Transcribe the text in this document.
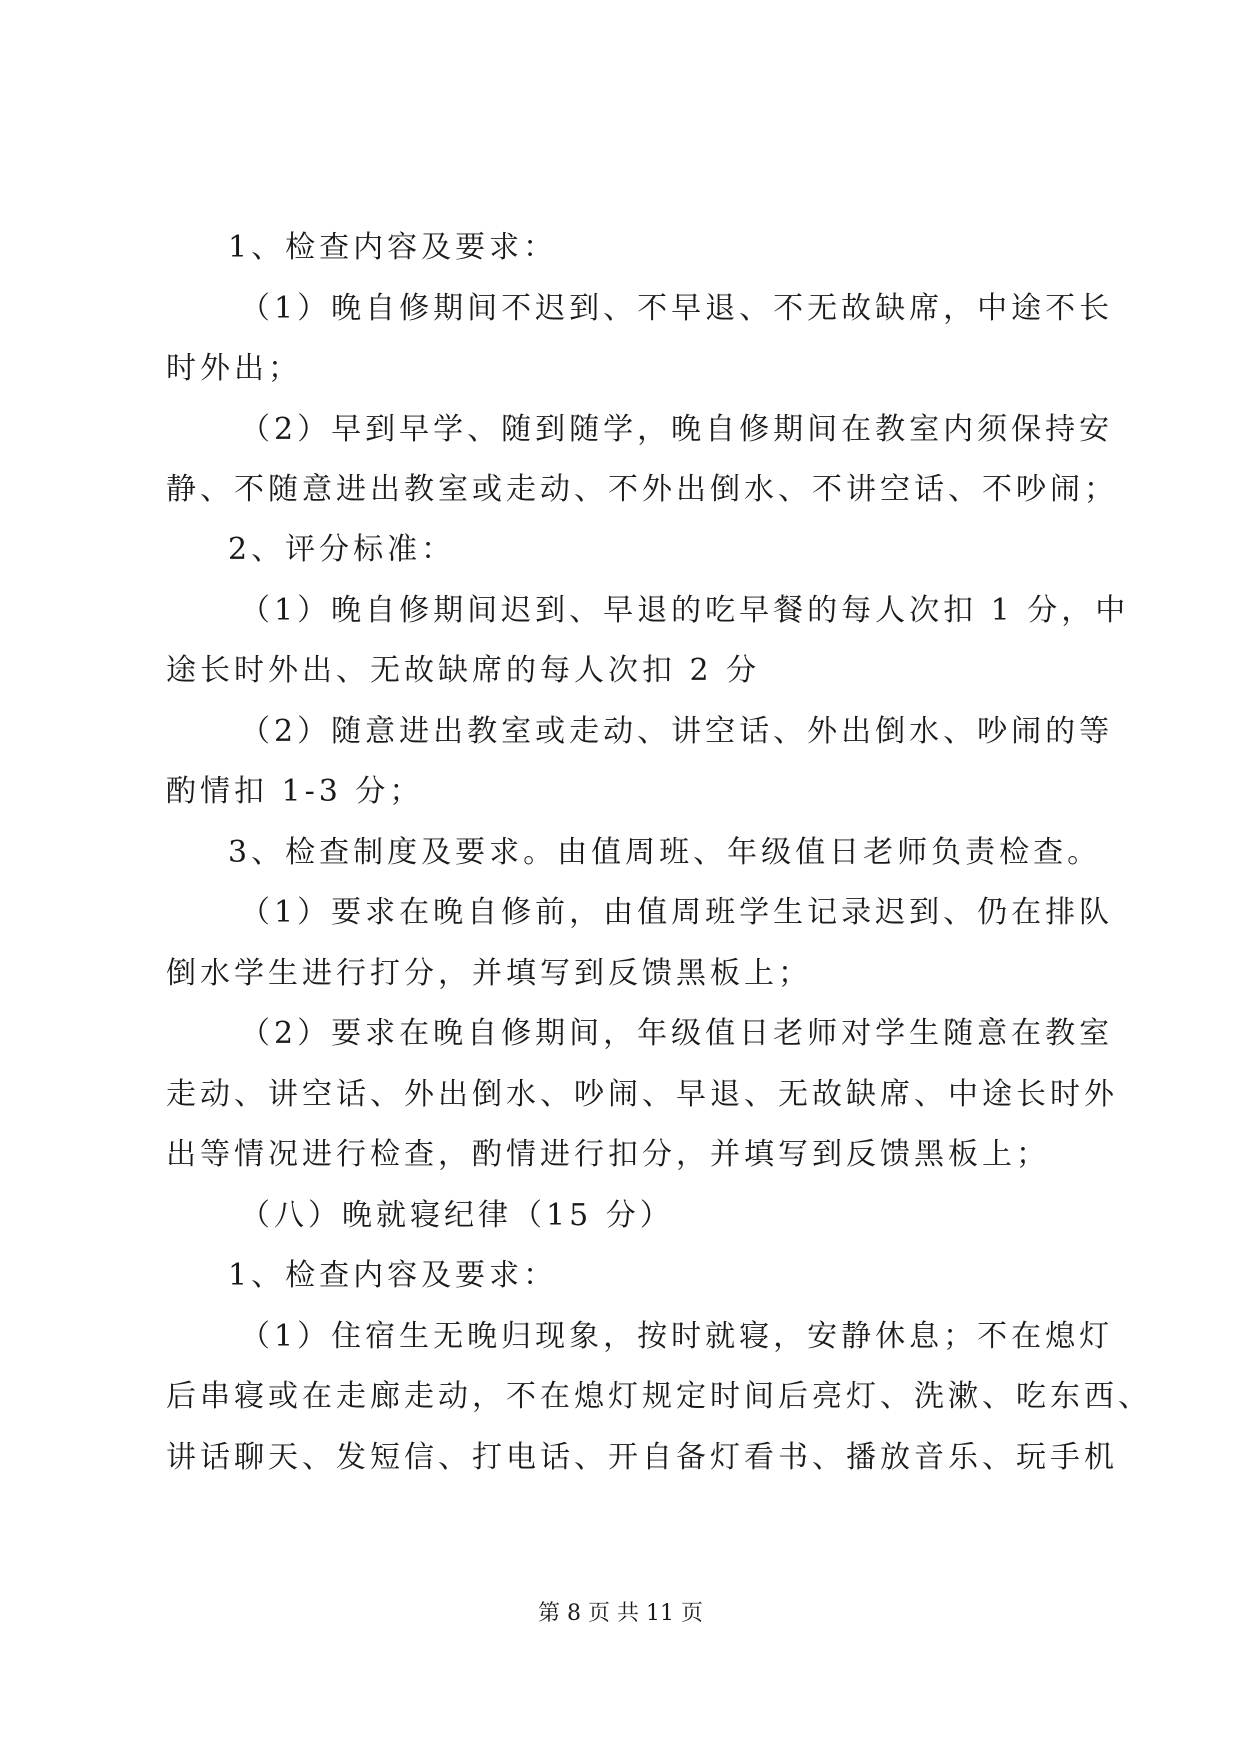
1、检查内容及要求：
（1）晚自修期间不迟到、不早退、不无故缺席，中途不长
时外出；
（2）早到早学、随到随学，晚自修期间在教室内须保持安
静、不随意进出教室或走动、不外出倒水、不讲空话、不吵闹；
2、评分标准：
（1）晚自修期间迟到、早退的吃早餐的每人次扣 1 分，中
途长时外出、无故缺席的每人次扣 2 分
（2）随意进出教室或走动、讲空话、外出倒水、吵闹的等
酌情扣 1-3 分；
3、检查制度及要求。由值周班、年级值日老师负责检查。
（1）要求在晚自修前，由值周班学生记录迟到、仍在排队
倒水学生进行打分，并填写到反馈黑板上；
（2）要求在晚自修期间，年级值日老师对学生随意在教室
走动、讲空话、外出倒水、吵闹、早退、无故缺席、中途长时外
出等情况进行检查，酌情进行扣分，并填写到反馈黑板上；
（八）晚就寝纪律（15 分）
1、检查内容及要求：
（1）住宿生无晚归现象，按时就寝，安静休息；不在熄灯
后串寝或在走廊走动，不在熄灯规定时间后亮灯、洗漱、吃东西、
讲话聊天、发短信、打电话、开自备灯看书、播放音乐、玩手机
第 8 页 共 11 页
